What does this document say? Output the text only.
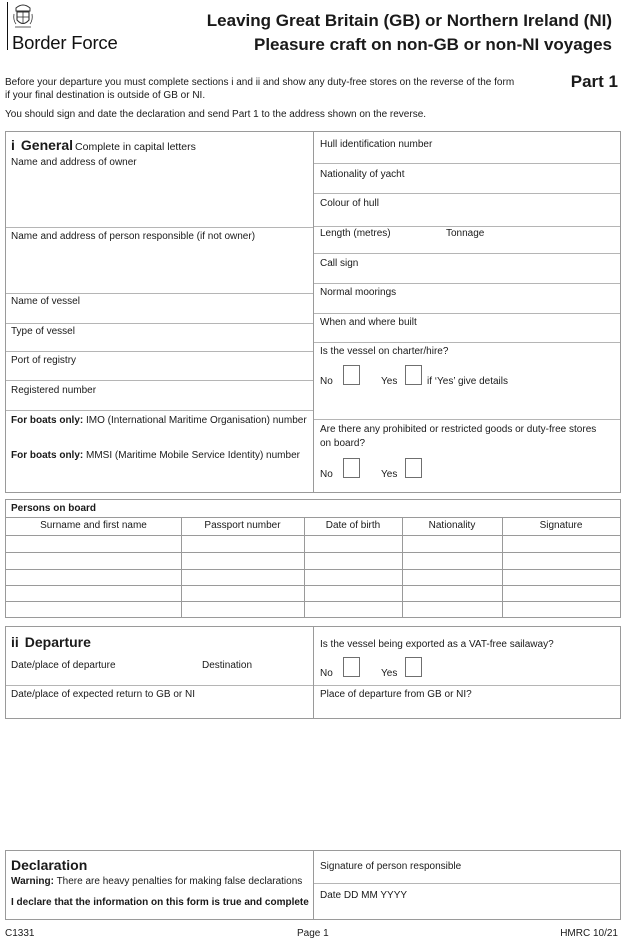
Border Force
Leaving Great Britain (GB) or Northern Ireland (NI)
Pleasure craft on non-GB or non-NI voyages
Part 1
Before your departure you must complete sections i and ii and show any duty-free stores on the reverse of the form
if your final destination is outside of GB or NI.
You should sign and date the declaration and send Part 1 to the address shown on the reverse.
i General Complete in capital letters
Name and address of owner
Name and address of person responsible (if not owner)
Name of vessel
Type of vessel
Port of registry
Registered number
For boats only: IMO (International Maritime Organisation) number
For boats only: MMSI (Maritime Mobile Service Identity) number
Hull identification number
Nationality of yacht
Colour of hull
Length (metres)	Tonnage
Call sign
Normal moorings
When and where built
Is the vessel on charter/hire?
No	Yes	if ‘Yes’ give details
Are there any prohibited or restricted goods or duty-free stores
on board?
No	Yes
Persons on board
Surname and first name	Passport number	Date of birth	Nationality	Signature
ii Departure
Date/place of departure	Destination
Date/place of expected return to GB or NI
Is the vessel being exported as a VAT-free sailaway?
No	Yes
Place of departure from GB or NI?
Declaration
Warning: There are heavy penalties for making false declarations
I declare that the information on this form is true and complete
Signature of person responsible
Date DD MM YYYY
C1331	Page 1	HMRC 10/21
